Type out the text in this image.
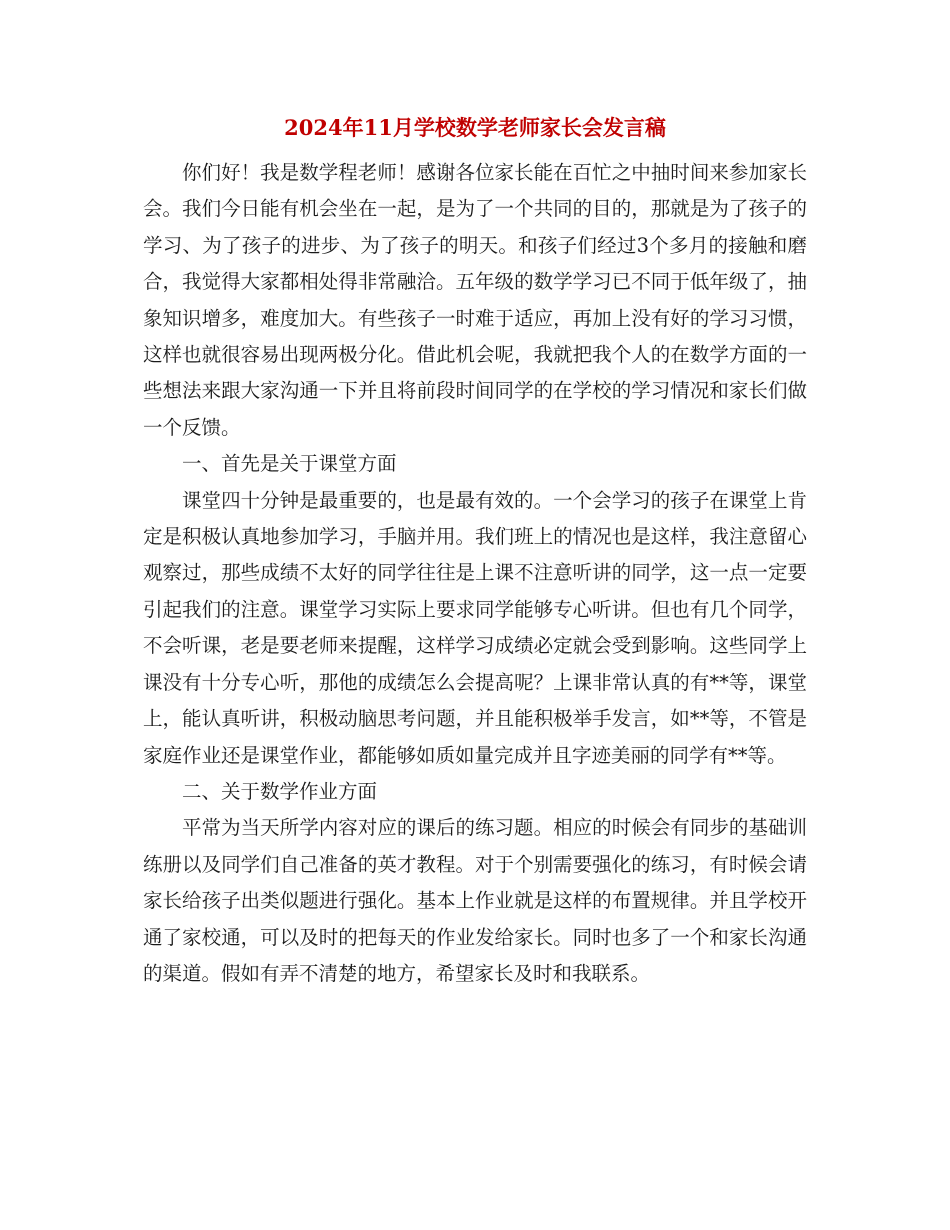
2024年11月学校数学老师家长会发言稿

你们好！我是数学程老师！感谢各位家长能在百忙之中抽时间来参加家长会。我们今日能有机会坐在一起，是为了一个共同的目的，那就是为了孩子的学习、为了孩子的进步、为了孩子的明天。和孩子们经过3个多月的接触和磨合，我觉得大家都相处得非常融洽。五年级的数学学习已不同于低年级了，抽象知识增多，难度加大。有些孩子一时难于适应，再加上没有好的学习习惯，这样也就很容易出现两极分化。借此机会呢，我就把我个人的在数学方面的一些想法来跟大家沟通一下并且将前段时间同学的在学校的学习情况和家长们做一个反馈。

一、首先是关于课堂方面

课堂四十分钟是最重要的，也是最有效的。一个会学习的孩子在课堂上肯定是积极认真地参加学习，手脑并用。我们班上的情况也是这样，我注意留心观察过，那些成绩不太好的同学往往是上课不注意听讲的同学，这一点一定要引起我们的注意。课堂学习实际上要求同学能够专心听讲。但也有几个同学，不会听课，老是要老师来提醒，这样学习成绩必定就会受到影响。这些同学上课没有十分专心听，那他的成绩怎么会提高呢？上课非常认真的有**等，课堂上，能认真听讲，积极动脑思考问题，并且能积极举手发言，如**等，不管是家庭作业还是课堂作业，都能够如质如量完成并且字迹美丽的同学有**等。

二、关于数学作业方面

平常为当天所学内容对应的课后的练习题。相应的时候会有同步的基础训练册以及同学们自己准备的英才教程。对于个别需要强化的练习，有时候会请家长给孩子出类似题进行强化。基本上作业就是这样的布置规律。并且学校开通了家校通，可以及时的把每天的作业发给家长。同时也多了一个和家长沟通的渠道。假如有弄不清楚的地方，希望家长及时和我联系。
